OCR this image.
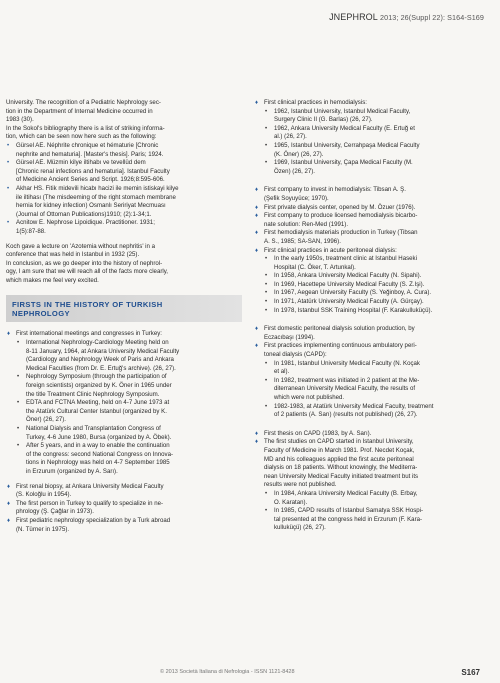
JNEPHROL 2013; 26(Suppl 22): S164-S169

University. The recognition of a Pediatric Nephrology sec-

tion in the Department of Internal Medicine occurred in

1983 (30).

In the Sokol's bibliography there is a list of striking informa-

tion, which can be seen now here such as the following:

• Gürsel AE. Néphrite chronique et hématurie [Chronic
nephrite and hematuria]. [Master's thesis]. Paris; 1924.
• Gürsel AE. Müzmin kilye iltihabı ve tevellüd dem
[Chronic renal infections and hematuria]. Istanbul Faculty
of Medicine Ancient Series and Script. 1926;8:595-606.
• Akhar HS. Fitik midevili hicabı hacizi ile memin istiskayi kilye
ile iltihası (The misdeeming of the right stomach membrane
hernia for kidney infection) Osmanlı Seririyat Mecmuası
(Journal of Ottoman Publications)1910; (2):1-34;1.
• Acnitow E. Nephrose Lipoidique. Practitioner. 1931;
1(5):87-88.

Koch gave a lecture on 'Azotemia without nephritis' in a

conference that was held in Istanbul in 1932 (25).

In conclusion, as we go deeper into the history of nephrol-

ogy, I am sure that we will reach all of the facts more clearly,

which makes me feel very excited.

FIRSTS IN THE HISTORY OF TURKISH
NEPHROLOGY
♦ First international meetings and congresses in Turkey:
• International Nephrology-Cardiology Meeting held on
8-11 January, 1964, at Ankara University Medical Faculty
(Cardiology and Nephrology Week of Paris and Ankara
Medical Faculties (from Dr. E. Ertuğ's archive). (26, 27).
• Nephrology Symposium (through the participation of
foreign scientists) organized by K. Öner in 1965 under
the title Treatment Clinic Nephrology Symposium.
• EDTA and FCTNA Meeting, held on 4-7 June 1973 at
the Atatürk Cultural Center Istanbul (organized by K.
Öner) (26, 27).
• National Dialysis and Transplantation Congress of
Turkey, 4-6 June 1980, Bursa (organized by A. Öbek).
• After 5 years, and in a way to enable the continuation
of the congress: second National Congress on Innova-
tions in Nephrology was held on 4-7 September 1985
in Erzurum (organized by A. Sarı).
♦ First renal biopsy, at Ankara University Medical Faculty
(S. Koloğlu in 1954).
♦ The first person in Turkey to qualify to specialize in ne-
phrology (Ş. Çağlar in 1973).
♦ First pediatric nephrology specialization by a Turk abroad
(N. Türner in 1975).
♦ First clinical practices in hemodialysis:
• 1962, Istanbul University, Istanbul Medical Faculty,
Surgery Clinic II (G. Barlas) (26, 27).
• 1962, Ankara University Medical Faculty (E. Ertuğ et
al.) (26, 27).
• 1965, Istanbul University, Cerrahpaşa Medical Faculty
(K. Öner) (26, 27).
• 1969, Istanbul University, Çapa Medical Faculty (M.
Özen) (26, 27).
♦ First company to invest in hemodialysis: Tibsan A. Ş.
(Şefik Soyuyüce; 1970).
♦ First private dialysis center, opened by M. Özuer (1976).
♦ First company to produce licensed hemodialysis bicarbo-
nate solution: Ren-Med (1991).
♦ First hemodialysis materials production in Turkey (Tibsan
A. S., 1985; SA-SAN, 1996).
♦ First clinical practices in acute peritoneal dialysis:
• In the early 1950s, treatment clinic at Istanbul Haseki
Hospital (C. Öker, T. Artunkal).
• In 1958, Ankara University Medical Faculty (N. Sipahi).
• In 1969, Hacettepe University Medical Faculty (S. Z.Işi).
• In 1967, Aegean University Faculty (S. Yeğinboy, A. Cura).
• In 1971, Atatürk University Medical Faculty (A. Gürçay).
• In 1978, Istanbul SSK Training Hospital (F. Karakulluküçü).
♦ First domestic peritoneal dialysis solution production, by
Eczacıbaşı (1994).
♦ First practices implementing continuous ambulatory peri-
toneal dialysis (CAPD):
• In 1981, Istanbul University Medical Faculty (N. Koçak
et al).
• In 1982, treatment was initiated in 2 patient at the Me-
diterranean University Medical Faculty, the results of
which were not published.
• 1982-1983, at Atatürk University Medical Faculty, treatment
of 2 patients (A. Sarı) (results not published) (26, 27).
♦ First thesis on CAPD (1983, by A. Sarı).
♦ The first studies on CAPD started in Istanbul University,
Faculty of Medicine in March 1981. Prof. Necdet Koçak,
MD and his colleagues applied the first acute peritoneal
dialysis on 18 patients. Without knowingly, the Mediterra-
nean University Medical Faculty initiated treatment but its
results were not published.
• In 1984, Ankara University Medical Faculty (B. Erbay,
O. Karatan).
• In 1985, CAPD results of Istanbul Samatya SSK Hospi-
tal presented at the congress held in Erzurum (F. Kara-
kulluküçü) (26, 27).
© 2013 Società Italiana di Nefrologia - ISSN 1121-8428	S167
